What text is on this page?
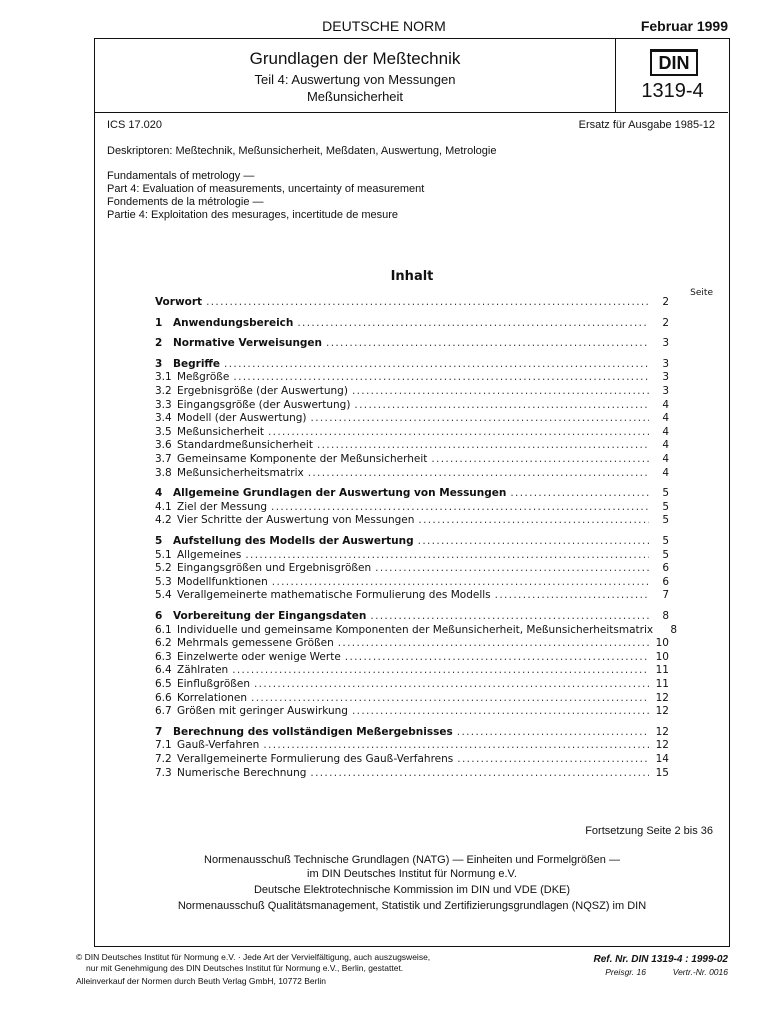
DEUTSCHE NORM	Februar 1999
Grundlagen der Meßtechnik
Teil 4: Auswertung von Messungen
Meßunsicherheit
DIN
1319-4
ICS 17.020	Ersatz für Ausgabe 1985-12
Deskriptoren: Meßtechnik, Meßunsicherheit, Meßdaten, Auswertung, Metrologie
Fundamentals of metrology —
Part 4: Evaluation of measurements, uncertainty of measurement
Fondements de la métrologie —
Partie 4: Exploitation des mesurages, incertitude de mesure
Inhalt
Seite
Vorwort . . .	2
1	Anwendungsbereich . . .	2
2	Normative Verweisungen . . .	3
3	Begriffe . . .	3
3.1 Meßgröße . . .	3
3.2 Ergebnisgröße (der Auswertung) . . .	3
3.3 Eingangsgröße (der Auswertung) . . .	4
3.4 Modell (der Auswertung) . . .	4
3.5 Meßunsicherheit . . .	4
3.6 Standardmeßunsicherheit . . .	4
3.7 Gemeinsame Komponente der Meßunsicherheit . . .	4
3.8 Meßunsicherheitsmatrix . . .	4
4	Allgemeine Grundlagen der Auswertung von Messungen . . .	5
4.1 Ziel der Messung . . .	5
4.2 Vier Schritte der Auswertung von Messungen . . .	5
5	Aufstellung des Modells der Auswertung . . .	5
5.1 Allgemeines . . .	5
5.2 Eingangsgrößen und Ergebnisgrößen . . .	6
5.3 Modellfunktionen . . .	6
5.4 Verallgemeinerte mathematische Formulierung des Modells . . .	7
6	Vorbereitung der Eingangsdaten . . .	8
6.1 Individuelle und gemeinsame Komponenten der Meßunsicherheit, Meßunsicherheitsmatrix	8
6.2 Mehrmals gemessene Größen . . .	10
6.3 Einzelwerte oder wenige Werte . . .	10
6.4 Zählraten . . .	11
6.5 Einflußgrößen . . .	11
6.6 Korrelationen . . .	12
6.7 Größen mit geringer Auswirkung . . .	12
7	Berechnung des vollständigen Meßergebnisses . . .	12
7.1 Gauß-Verfahren . . .	12
7.2 Verallgemeinerte Formulierung des Gauß-Verfahrens . . .	14
7.3 Numerische Berechnung . . .	15
Fortsetzung Seite 2 bis 36
Normenausschuß Technische Grundlagen (NATG) — Einheiten und Formelgrößen —
im DIN Deutsches Institut für Normung e.V.
Deutsche Elektrotechnische Kommission im DIN und VDE (DKE)
Normenausschuß Qualitätsmanagement, Statistik und Zertifizierungsgrundlagen (NQSZ) im DIN
© DIN Deutsches Institut für Normung e.V. · Jede Art der Vervielfältigung, auch auszugsweise,
nur mit Genehmigung des DIN Deutsches Institut für Normung e.V., Berlin, gestattet.
Alleinverkauf der Normen durch Beuth Verlag GmbH, 10772 Berlin
Ref. Nr. DIN 1319-4 : 1999-02
Preisgr. 16	Vertr.-Nr. 0016
